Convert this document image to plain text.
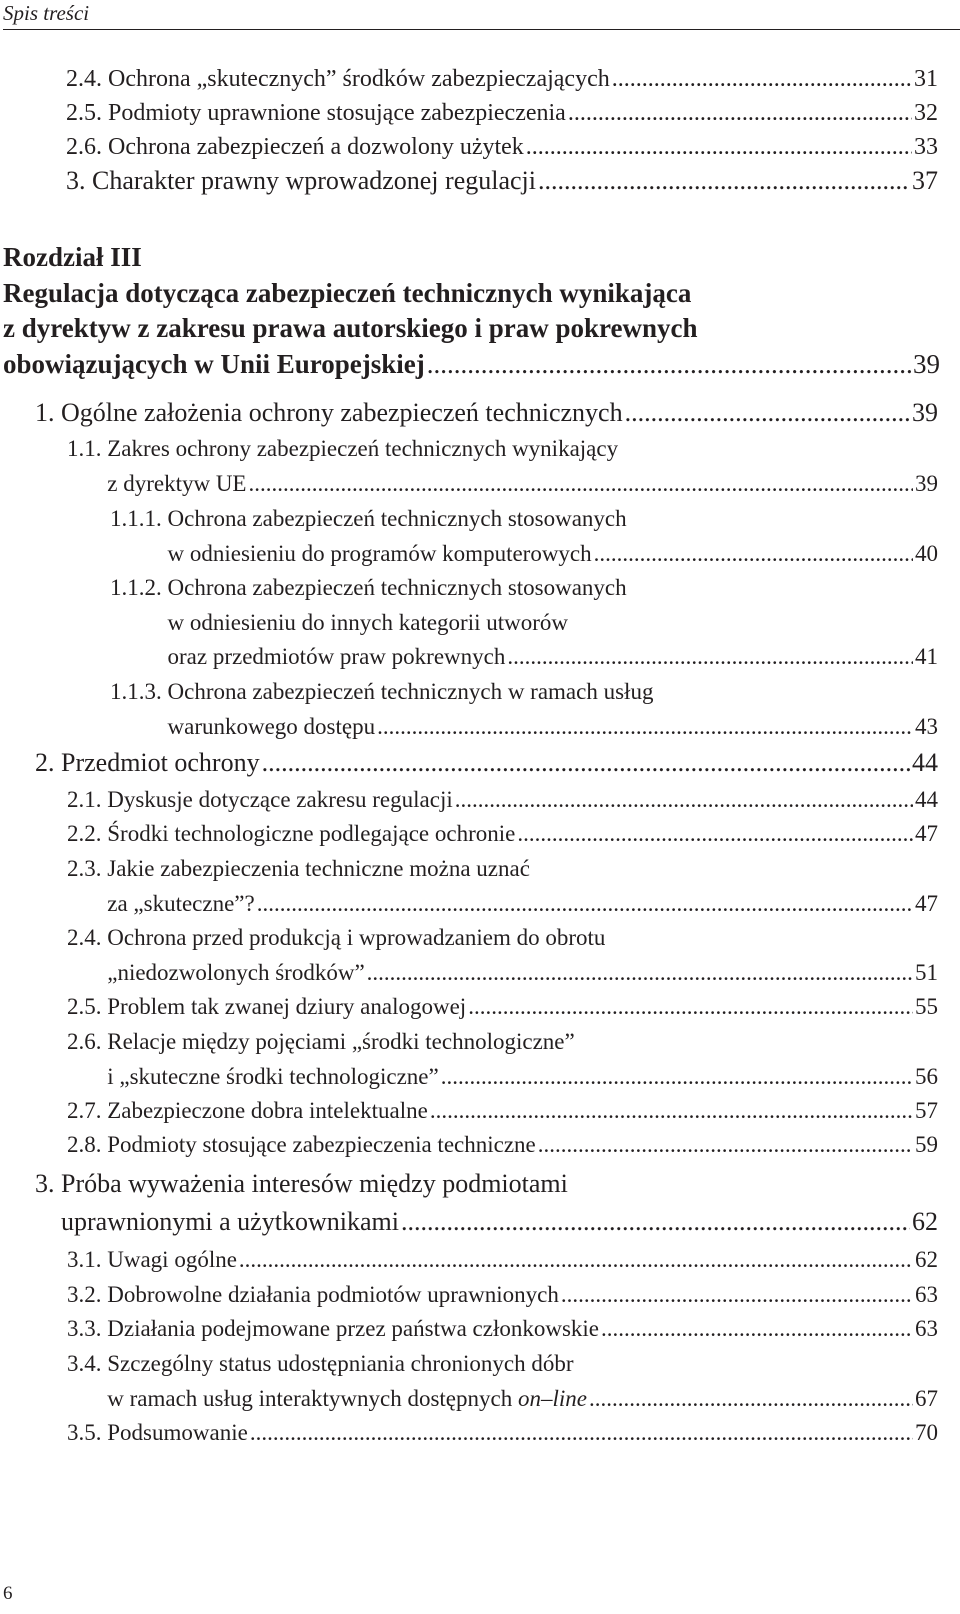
Spis treści
2.4. Ochrona „skutecznych” środków zabezpieczających .....	31
2.5. Podmioty uprawnione stosujące zabezpieczenia .....	32
2.6. Ochrona zabezpieczeń a dozwolony użytek .....	33
3. Charakter prawny wprowadzonej regulacji .....	37
1. Ogólne założenia ochrony zabezpieczeń technicznych .....	39
1.1. Zakres ochrony zabezpieczeń technicznych wynikający
z dyrektyw UE .....	39
1.1.1. Ochrona zabezpieczeń technicznych stosowanych
w odniesieniu do programów komputerowych .....	40
1.1.2. Ochrona zabezpieczeń technicznych stosowanych
w odniesieniu do innych kategorii utworów
oraz przedmiotów praw pokrewnych .....	41
1.1.3. Ochrona zabezpieczeń technicznych w ramach usług
warunkowego dostępu .....	43
2. Przedmiot ochrony .....	44
2.1. Dyskusje dotyczące zakresu regulacji .....	44
2.2. Środki technologiczne podlegające ochronie .....	47
2.3. Jakie zabezpieczenia techniczne można uznać
za „skuteczne”? .....	47
2.4. Ochrona przed produkcją i wprowadzaniem do obrotu
„niedozwolonych środków” .....	51
2.5. Problem tak zwanej dziury analogowej .....	55
2.6. Relacje między pojęciami „środki technologiczne”
i „skuteczne środki technologiczne” .....	56
2.7. Zabezpieczone dobra intelektualne .....	57
2.8. Podmioty stosujące zabezpieczenia techniczne .....	59
3. Próba wyważenia interesów między podmiotami
uprawnionymi a użytkownikami .....	62
3.1. Uwagi ogólne .....	62
3.2. Dobrowolne działania podmiotów uprawnionych .....	63
3.3. Działania podejmowane przez państwa członkowskie .....	63
3.4. Szczególny status udostępniania chronionych dóbr
w ramach usług interaktywnych dostępnych on–line .....	67
3.5. Podsumowanie .....	70
Rozdział III
Regulacja dotycząca zabezpieczeń technicznych wynikająca
z dyrektyw z zakresu prawa autorskiego i praw pokrewnych
obowiązujących w Unii Europejskiej .....	39
6
